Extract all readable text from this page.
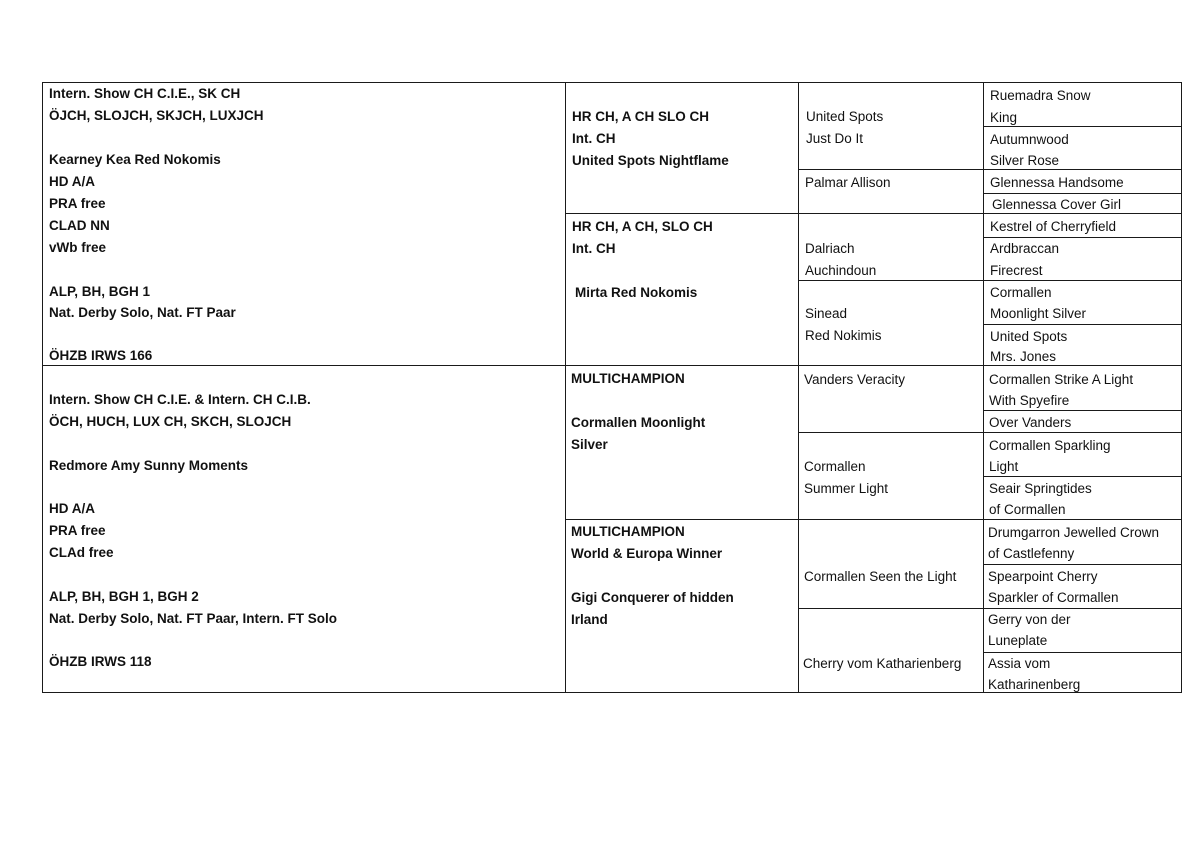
Intern. Show CH C.I.E., SK CH
ÖJCH, SLOJCH, SKJCH, LUXJCH
Kearney Kea Red Nokomis
HD A/A
PRA free
CLAD NN
vWb free
ALP, BH, BGH 1
Nat. Derby Solo, Nat. FT Paar
ÖHZB IRWS 166
Intern. Show CH C.I.E. & Intern. CH C.I.B.
ÖCH, HUCH, LUX CH, SKCH, SLOJCH
Redmore Amy Sunny Moments
HD A/A
PRA free
CLAd free
ALP, BH, BGH 1, BGH 2
Nat. Derby Solo, Nat. FT Paar, Intern. FT Solo
ÖHZB IRWS 118
HR CH, A CH SLO CH
Int. CH
United Spots Nightflame
HR CH, A CH, SLO CH
Int. CH
Mirta Red Nokomis
MULTICHAMPION
Cormallen Moonlight
Silver
MULTICHAMPION
World & Europa Winner
Gigi Conquerer of hidden
Irland
United Spots
Just Do It
Palmar Allison
Dalriach
Auchindoun
Sinead
Red Nokimis
Vanders Veracity
Cormallen
Summer Light
Cormallen Seen the Light
Cherry vom Katharienberg
Ruemadra Snow
King
Autumnwood
Silver Rose
Glennessa Handsome
Glennessa Cover Girl
Kestrel of Cherryfield
Ardbraccan
Firecrest
Cormallen
Moonlight Silver
United Spots
Mrs. Jones
Cormallen Strike A Light
With Spyefire
Over Vanders
Cormallen Sparkling
Light
Seair Springtides
of Cormallen
Drumgarron Jewelled Crown
of Castlefenny
Spearpoint Cherry
Sparkler of Cormallen
Gerry von der
Luneplate
Assia vom
Katharinenberg
